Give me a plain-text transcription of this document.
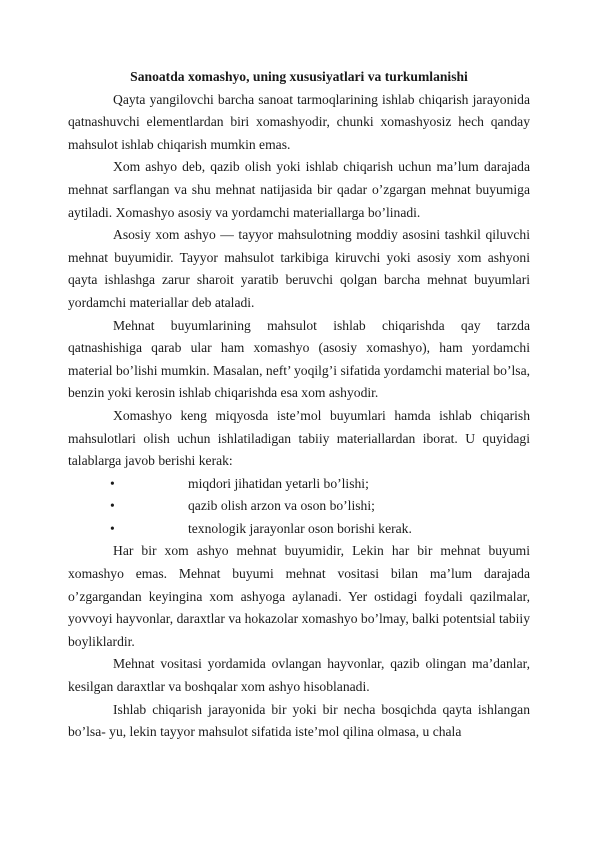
Sanoatda xomashyo, uning xususiyatlari va turkumlanishi

Qayta yangilovchi barcha sanoat tarmoqlarining ishlab chiqarish jarayonida qatnashuvchi elementlardan biri xomashyodir, chunki xomashyosiz hech qanday mahsulot ishlab chiqarish mumkin emas.

Xom ashyo deb, qazib olish yoki ishlab chiqarish uchun ma’lum darajada mehnat sarflangan va shu mehnat natijasida bir qadar o’zgargan mehnat buyumiga aytiladi. Xomashyo asosiy va yordamchi materiallarga bo’linadi.

Asosiy xom ashyo — tayyor mahsulotning moddiy asosini tashkil qiluvchi mehnat buyumidir. Tayyor mahsulot tarkibiga kiruvchi yoki asosiy xom ashyoni qayta ishlashga zarur sharoit yaratib beruvchi qolgan barcha mehnat buyumlari yordamchi materiallar deb ataladi.

Mehnat buyumlarining mahsulot ishlab chiqarishda qay tarzda qatnashishiga qarab ular ham xomashyo (asosiy xomashyo), ham yordamchi material bo’lishi mumkin. Masalan, neft’ yoqilg’i sifatida yordamchi material bo’lsa, benzin yoki kerosin ishlab chiqarishda esa xom ashyodir.

Xomashyo keng miqyosda iste’mol buyumlari hamda ishlab chiqarish mahsulotlari olish uchun ishlatiladigan tabiiy materiallardan iborat. U quyidagi talablarga javob berishi kerak:

•	miqdori jihatidan yetarli bo’lishi;
•	qazib olish arzon va oson bo’lishi;
•	texnologik jarayonlar oson borishi kerak.

Har bir xom ashyo mehnat buyumidir, Lekin har bir mehnat buyumi xomashyo emas. Mehnat buyumi mehnat vositasi bilan ma’lum darajada o’zgargandan keyingina xom ashyoga aylanadi. Yer ostidagi foydali qazilmalar, yovvoyi hayvonlar, daraxtlar va hokazolar xomashyo bo’lmay, balki potentsial tabiiy boyliklardir.

Mehnat vositasi yordamida ovlangan hayvonlar, qazib olingan ma’danlar, kesilgan daraxtlar va boshqalar xom ashyo hisoblanadi.

Ishlab chiqarish jarayonida bir yoki bir necha bosqichda qayta ishlangan bo’lsa- yu, lekin tayyor mahsulot sifatida iste’mol qilina olmasa, u chala
